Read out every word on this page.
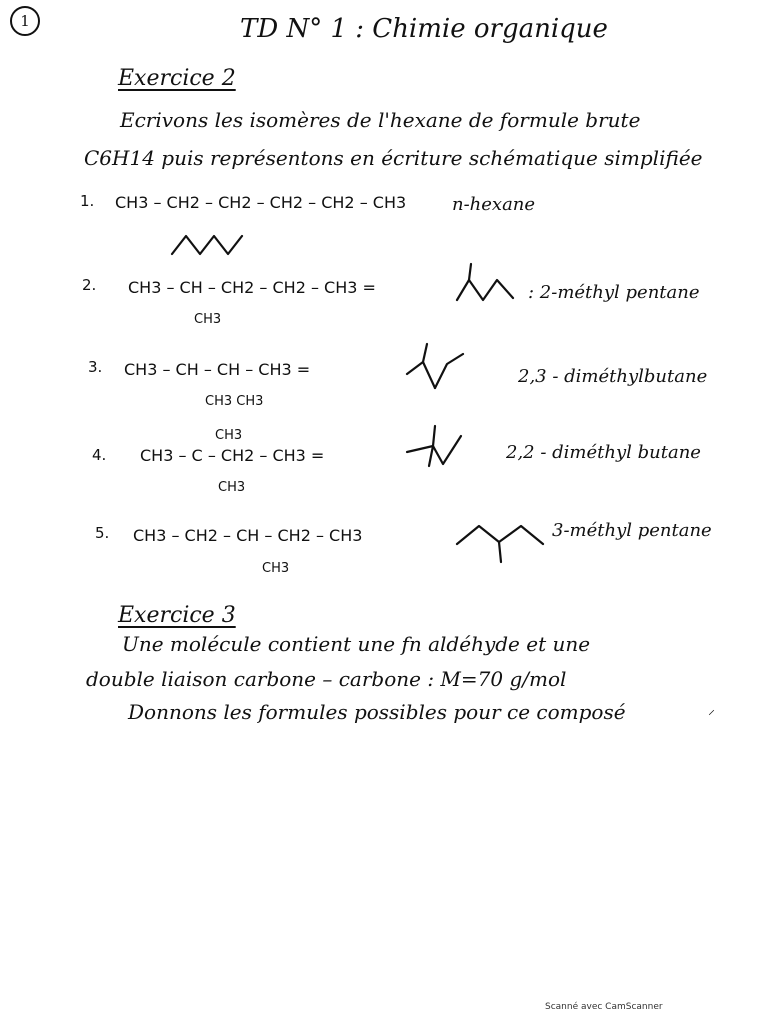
1	TD N° 1 : Chimie organique
Exercice 2
Ecrivons les isomères de l'hexane de formule brute
C6H14 puis représentons en écriture schématique simplifiée
1. CH3 – CH2 – CH2 – CH2 – CH2 – CH3	n-hexane
2. CH3 – CH – CH2 – CH2 – CH3 =
CH3
: 2-méthyl pentane
3. CH3 – CH – CH – CH3 =
CH3 CH3
2,3 - diméthylbutane
4.
CH3
CH3 – C – CH2 – CH3 =
CH3
2,2 - diméthyl butane
5. CH3 – CH2 – CH – CH2 – CH3
CH3
3-méthyl pentane
Exercice 3
Une molécule contient une fn aldéhyde et une
double liaison carbone – carbone : M=70 g/mol
Donnons les formules possibles pour ce composé	⸝
Scanné avec CamScanner
